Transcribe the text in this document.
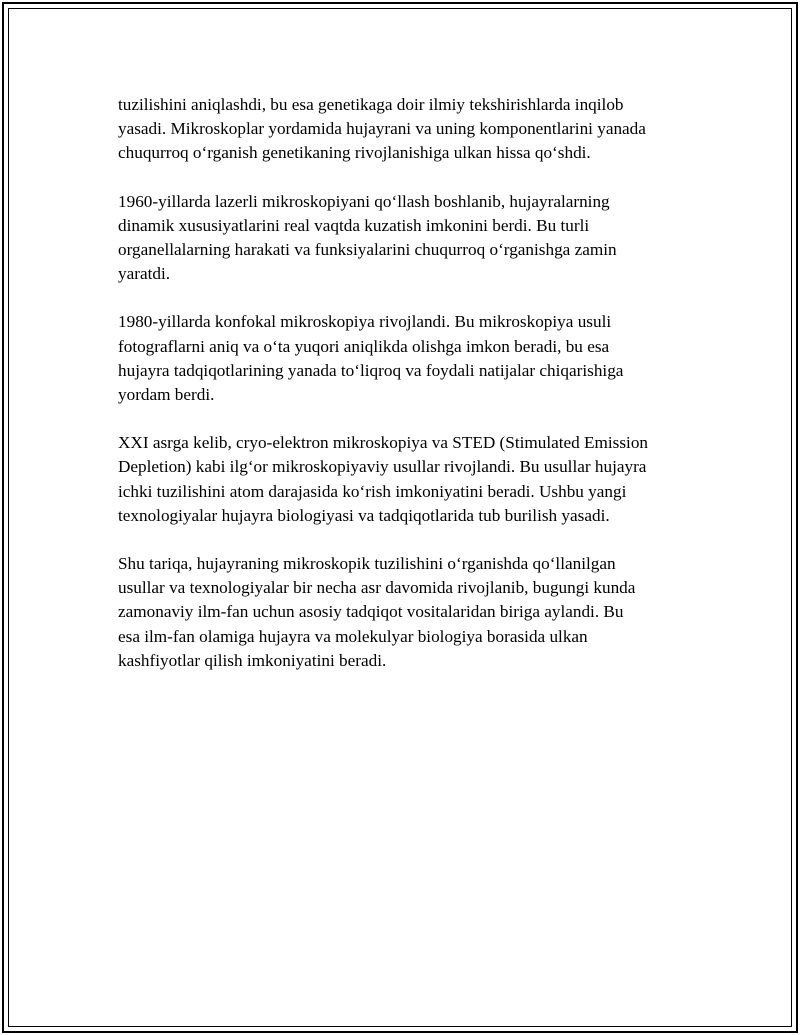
tuzilishini aniqlashdi, bu esa genetikaga doir ilmiy tekshirishlarda inqilob
yasadi. Mikroskoplar yordamida hujayrani va uning komponentlarini yanada
chuqurroq o‘rganish genetikaning rivojlanishiga ulkan hissa qo‘shdi.

1960-yillarda lazerli mikroskopiyani qo‘llash boshlanib, hujayralarning
dinamik xususiyatlarini real vaqtda kuzatish imkonini berdi. Bu turli
organellalarning harakati va funksiyalarini chuqurroq o‘rganishga zamin
yaratdi.

1980-yillarda konfokal mikroskopiya rivojlandi. Bu mikroskopiya usuli
fotograflarni aniq va o‘ta yuqori aniqlikda olishga imkon beradi, bu esa
hujayra tadqiqotlarining yanada to‘liqroq va foydali natijalar chiqarishiga
yordam berdi.

XXI asrga kelib, cryo-elektron mikroskopiya va STED (Stimulated Emission
Depletion) kabi ilg‘or mikroskopiyaviy usullar rivojlandi. Bu usullar hujayra
ichki tuzilishini atom darajasida ko‘rish imkoniyatini beradi. Ushbu yangi
texnologiyalar hujayra biologiyasi va tadqiqotlarida tub burilish yasadi.

Shu tariqa, hujayraning mikroskopik tuzilishini o‘rganishda qo‘llanilgan
usullar va texnologiyalar bir necha asr davomida rivojlanib, bugungi kunda
zamonaviy ilm-fan uchun asosiy tadqiqot vositalaridan biriga aylandi. Bu
esa ilm-fan olamiga hujayra va molekulyar biologiya borasida ulkan
kashfiyotlar qilish imkoniyatini beradi.
